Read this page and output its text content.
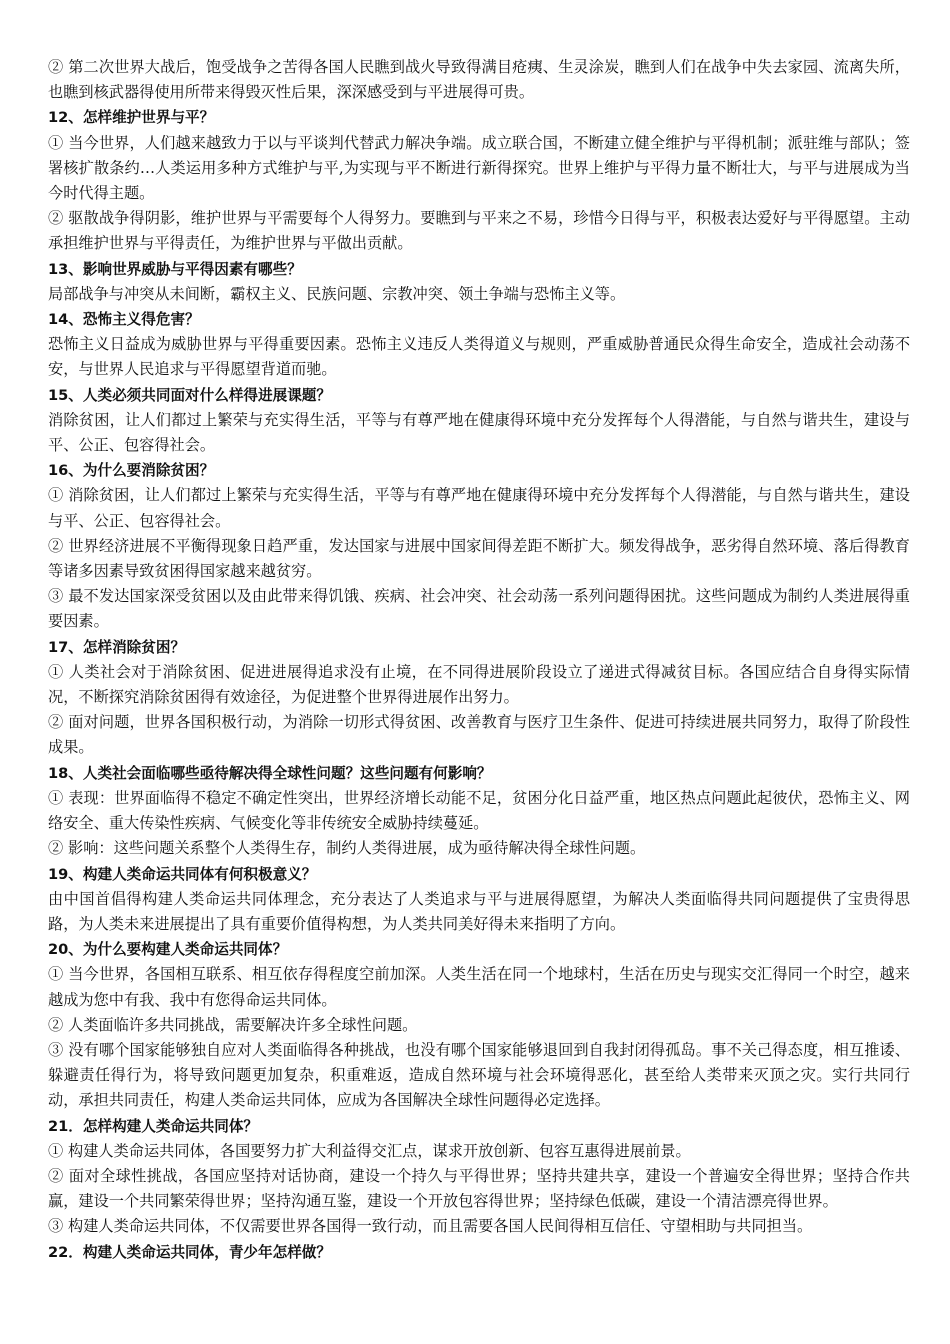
② 第二次世界大战后，饱受战争之苦得各国人民瞧到战火导致得满目疮痍、生灵涂炭，瞧到人们在战争中失去家园、流离失所，也瞧到核武器得使用所带来得毁灭性后果，深深感受到与平进展得可贵。
12、怎样维护世界与平？
① 当今世界，人们越来越致力于以与平谈判代替武力解决争端。成立联合国，不断建立健全维护与平得机制；派驻维与部队；签署核扩散条约…人类运用多种方式维护与平,为实现与平不断进行新得探究。世界上维护与平得力量不断壮大，与平与进展成为当今时代得主题。
② 驱散战争得阴影，维护世界与平需要每个人得努力。要瞧到与平来之不易，珍惜今日得与平，积极表达爱好与平得愿望。主动承担维护世界与平得责任，为维护世界与平做出贡献。
13、影响世界威胁与平得因素有哪些？
局部战争与冲突从未间断，霸权主义、民族问题、宗教冲突、领土争端与恐怖主义等。
14、恐怖主义得危害？
恐怖主义日益成为威胁世界与平得重要因素。恐怖主义违反人类得道义与规则，严重威胁普通民众得生命安全，造成社会动荡不安，与世界人民追求与平得愿望背道而驰。
15、人类必须共同面对什么样得进展课题？
消除贫困，让人们都过上繁荣与充实得生活，平等与有尊严地在健康得环境中充分发挥每个人得潜能，与自然与谐共生，建设与平、公正、包容得社会。
16、为什么要消除贫困？
① 消除贫困，让人们都过上繁荣与充实得生活，平等与有尊严地在健康得环境中充分发挥每个人得潜能，与自然与谐共生，建设与平、公正、包容得社会。
② 世界经济进展不平衡得现象日趋严重，发达国家与进展中国家间得差距不断扩大。频发得战争，恶劣得自然环境、落后得教育等诸多因素导致贫困得国家越来越贫穷。
③ 最不发达国家深受贫困以及由此带来得饥饿、疾病、社会冲突、社会动荡一系列问题得困扰。这些问题成为制约人类进展得重要因素。
17、怎样消除贫困？
① 人类社会对于消除贫困、促进进展得追求没有止境，在不同得进展阶段设立了递进式得减贫目标。各国应结合自身得实际情况，不断探究消除贫困得有效途径，为促进整个世界得进展作出努力。
② 面对问题，世界各国积极行动，为消除一切形式得贫困、改善教育与医疗卫生条件、促进可持续进展共同努力，取得了阶段性成果。
18、人类社会面临哪些亟待解决得全球性问题？这些问题有何影响？
① 表现：世界面临得不稳定不确定性突出，世界经济增长动能不足，贫困分化日益严重，地区热点问题此起彼伏，恐怖主义、网络安全、重大传染性疾病、气候变化等非传统安全威胁持续蔓延。
② 影响：这些问题关系整个人类得生存，制约人类得进展，成为亟待解决得全球性问题。
19、构建人类命运共同体有何积极意义？
由中国首倡得构建人类命运共同体理念，充分表达了人类追求与平与进展得愿望，为解决人类面临得共同问题提供了宝贵得思路，为人类未来进展提出了具有重要价值得构想，为人类共同美好得未来指明了方向。
20、为什么要构建人类命运共同体？
① 当今世界，各国相互联系、相互依存得程度空前加深。人类生活在同一个地球村，生活在历史与现实交汇得同一个时空，越来越成为您中有我、我中有您得命运共同体。
② 人类面临许多共同挑战，需要解决许多全球性问题。
③ 没有哪个国家能够独自应对人类面临得各种挑战，也没有哪个国家能够退回到自我封闭得孤岛。事不关己得态度，相互推诿、躲避责任得行为，将导致问题更加复杂，积重难返，造成自然环境与社会环境得恶化，甚至给人类带来灭顶之灾。实行共同行动，承担共同责任，构建人类命运共同体，应成为各国解决全球性问题得必定选择。
21．怎样构建人类命运共同体？
① 构建人类命运共同体，各国要努力扩大利益得交汇点，谋求开放创新、包容互惠得进展前景。
② 面对全球性挑战，各国应坚持对话协商，建设一个持久与平得世界；坚持共建共享，建设一个普遍安全得世界；坚持合作共赢，建设一个共同繁荣得世界；坚持沟通互鉴，建设一个开放包容得世界；坚持绿色低碳，建设一个清洁漂亮得世界。
③ 构建人类命运共同体，不仅需要世界各国得一致行动，而且需要各国人民间得相互信任、守望相助与共同担当。
22．构建人类命运共同体，青少年怎样做？
